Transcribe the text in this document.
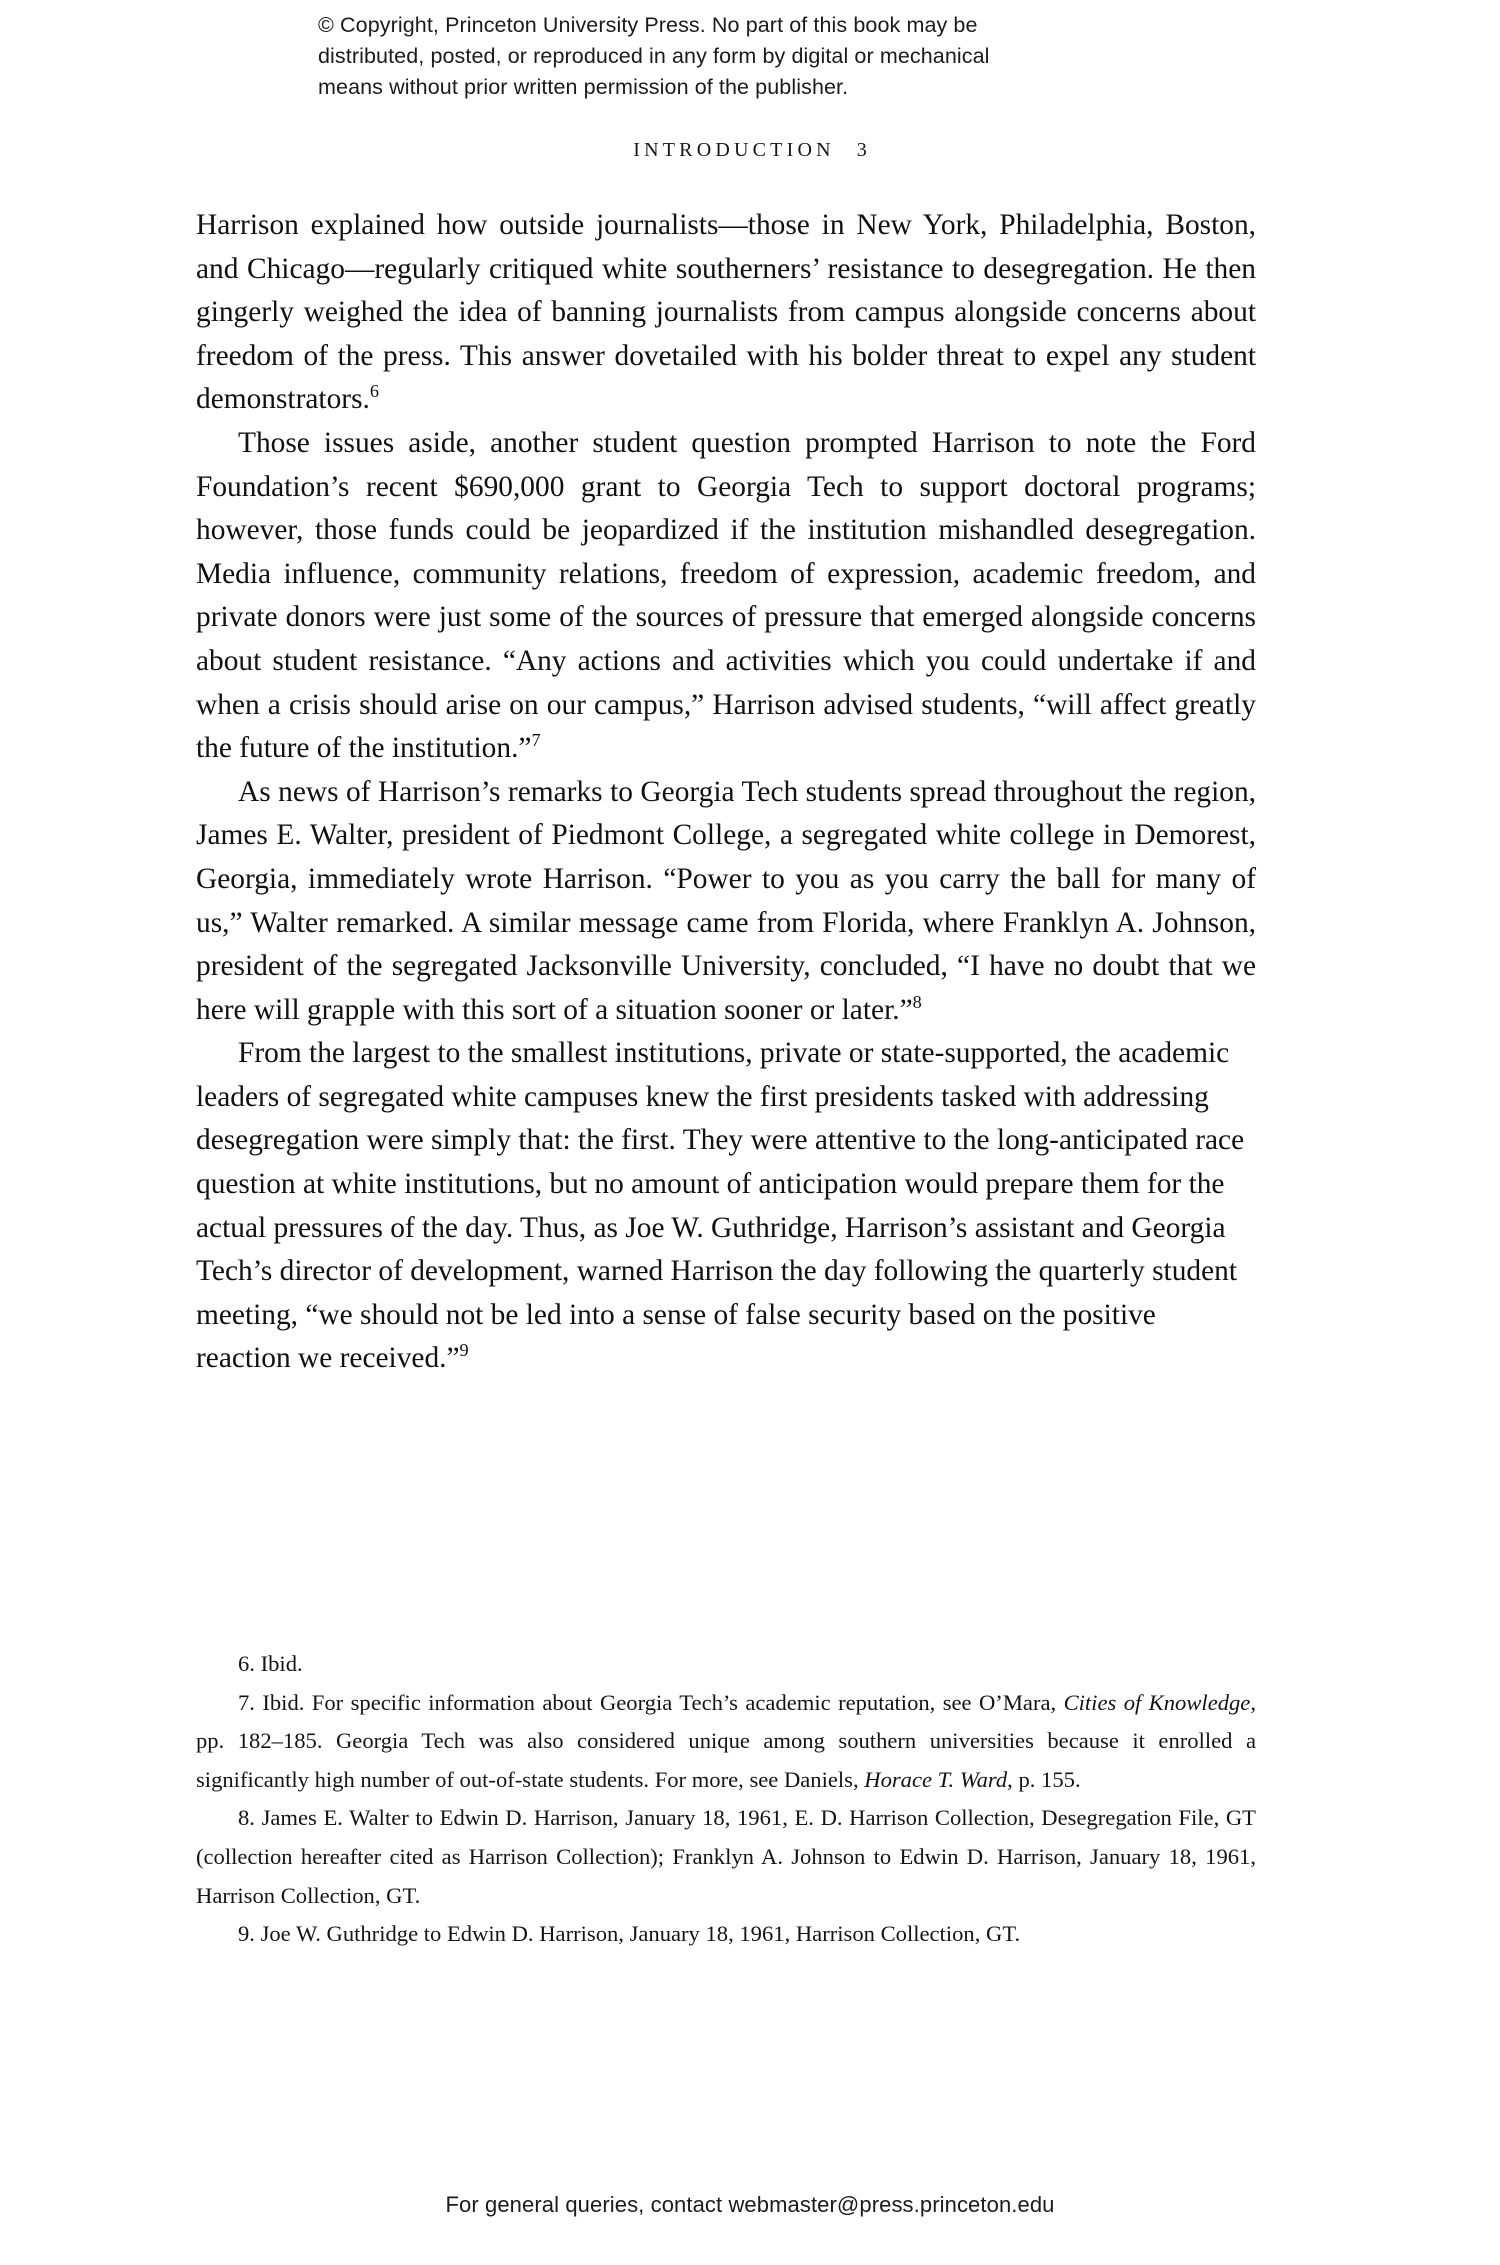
© Copyright, Princeton University Press. No part of this book may be
distributed, posted, or reproduced in any form by digital or mechanical
means without prior written permission of the publisher.
INTRODUCTION 3

Harrison explained how outside journalists—those in New York, Philadelphia, Boston, and Chicago—regularly critiqued white southerners’ resistance to desegregation. He then gingerly weighed the idea of banning journalists from campus alongside concerns about freedom of the press. This answer dovetailed with his bolder threat to expel any student demonstrators.$^6$

Those issues aside, another student question prompted Harrison to note the Ford Foundation’s recent $690,000 grant to Georgia Tech to support doctoral programs; however, those funds could be jeopardized if the institution mishandled desegregation. Media influence, community relations, freedom of expression, academic freedom, and private donors were just some of the sources of pressure that emerged alongside concerns about student resistance. “Any actions and activities which you could undertake if and when a crisis should arise on our campus,” Harrison advised students, “will affect greatly the future of the institution.”$^7$

As news of Harrison’s remarks to Georgia Tech students spread throughout the region, James E. Walter, president of Piedmont College, a segregated white college in Demorest, Georgia, immediately wrote Harrison. “Power to you as you carry the ball for many of us,” Walter remarked. A similar message came from Florida, where Franklyn A. Johnson, president of the segregated Jacksonville University, concluded, “I have no doubt that we here will grapple with this sort of a situation sooner or later.”$^8$

From the largest to the smallest institutions, private or state-supported, the academic leaders of segregated white campuses knew the first presidents tasked with addressing desegregation were simply that: the first. They were attentive to the long-anticipated race question at white institutions, but no amount of anticipation would prepare them for the actual pressures of the day. Thus, as Joe W. Guthridge, Harrison’s assistant and Georgia Tech’s director of development, warned Harrison the day following the quarterly student meeting, “we should not be led into a sense of false security based on the positive reaction we received.”$^9$

6. Ibid.

7. Ibid. For specific information about Georgia Tech’s academic reputation, see O’Mara, Cities of Knowledge, pp. 182–185. Georgia Tech was also considered unique among southern universities because it enrolled a significantly high number of out-of-state students. For more, see Daniels, Horace T. Ward, p. 155.

8. James E. Walter to Edwin D. Harrison, January 18, 1961, E. D. Harrison Collection, Desegregation File, GT (collection hereafter cited as Harrison Collection); Franklyn A. Johnson to Edwin D. Harrison, January 18, 1961, Harrison Collection, GT.

9. Joe W. Guthridge to Edwin D. Harrison, January 18, 1961, Harrison Collection, GT.

For general queries, contact webmaster@press.princeton.edu
